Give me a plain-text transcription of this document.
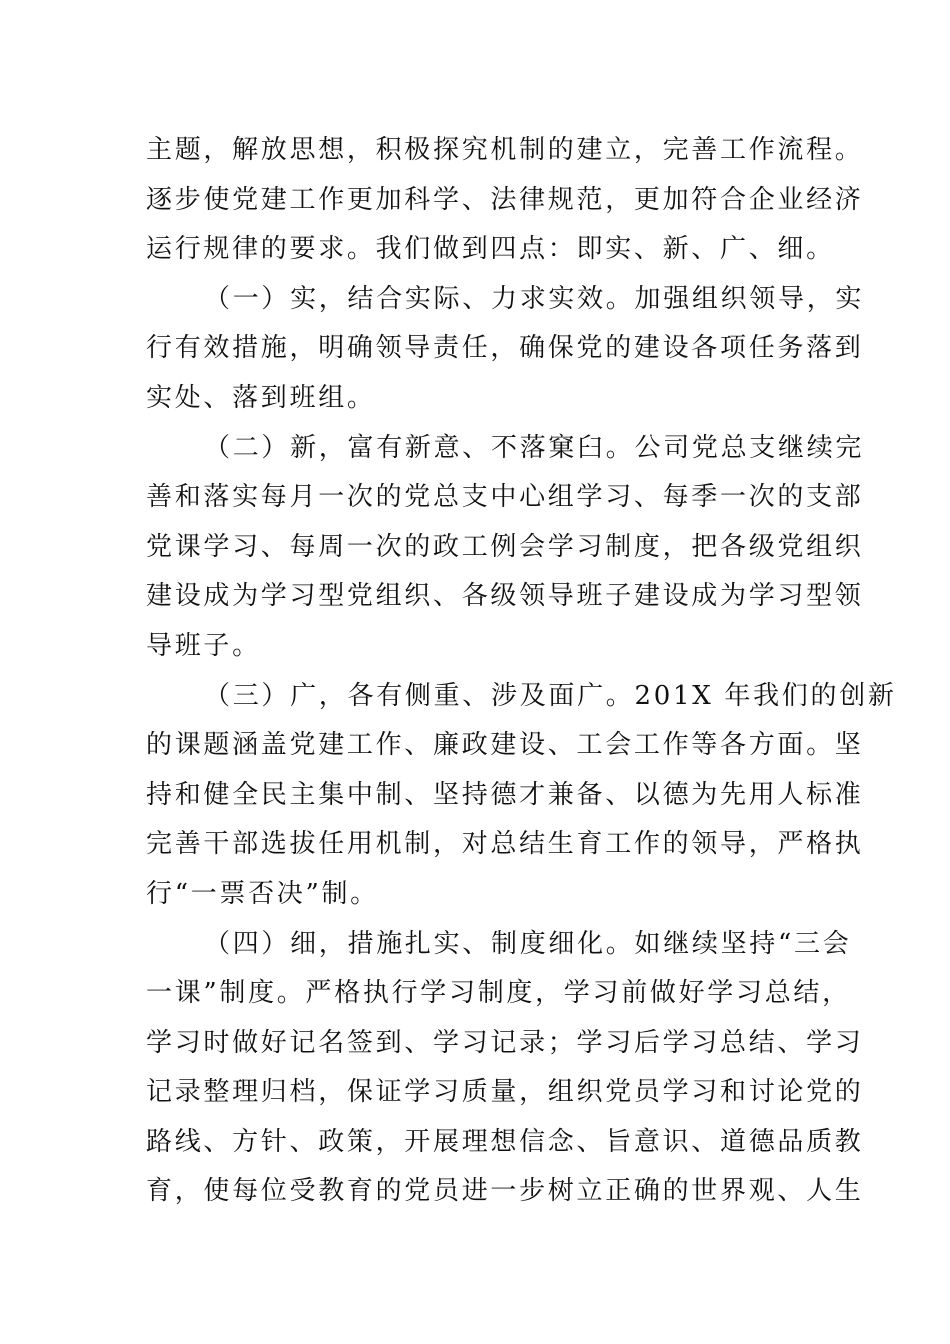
主题，解放思想，积极探究机制的建立，完善工作流程。
逐步使党建工作更加科学、法律规范，更加符合企业经济
运行规律的要求。我们做到四点：即实、新、广、细。
（一）实，结合实际、力求实效。加强组织领导，实
行有效措施，明确领导责任，确保党的建设各项任务落到
实处、落到班组。
（二）新，富有新意、不落窠臼。公司党总支继续完
善和落实每月一次的党总支中心组学习、每季一次的支部
党课学习、每周一次的政工例会学习制度，把各级党组织
建设成为学习型党组织、各级领导班子建设成为学习型领
导班子。
（三）广，各有侧重、涉及面广。201X 年我们的创新
的课题涵盖党建工作、廉政建设、工会工作等各方面。坚
持和健全民主集中制、坚持德才兼备、以德为先用人标准
完善干部选拔任用机制，对总结生育工作的领导，严格执
行“一票否决”制。
（四）细，措施扎实、制度细化。如继续坚持“三会
一课”制度。严格执行学习制度，学习前做好学习总结，
学习时做好记名签到、学习记录；学习后学习总结、学习
记录整理归档，保证学习质量，组织党员学习和讨论党的
路线、方针、政策，开展理想信念、旨意识、道德品质教
育，使每位受教育的党员进一步树立正确的世界观、人生
